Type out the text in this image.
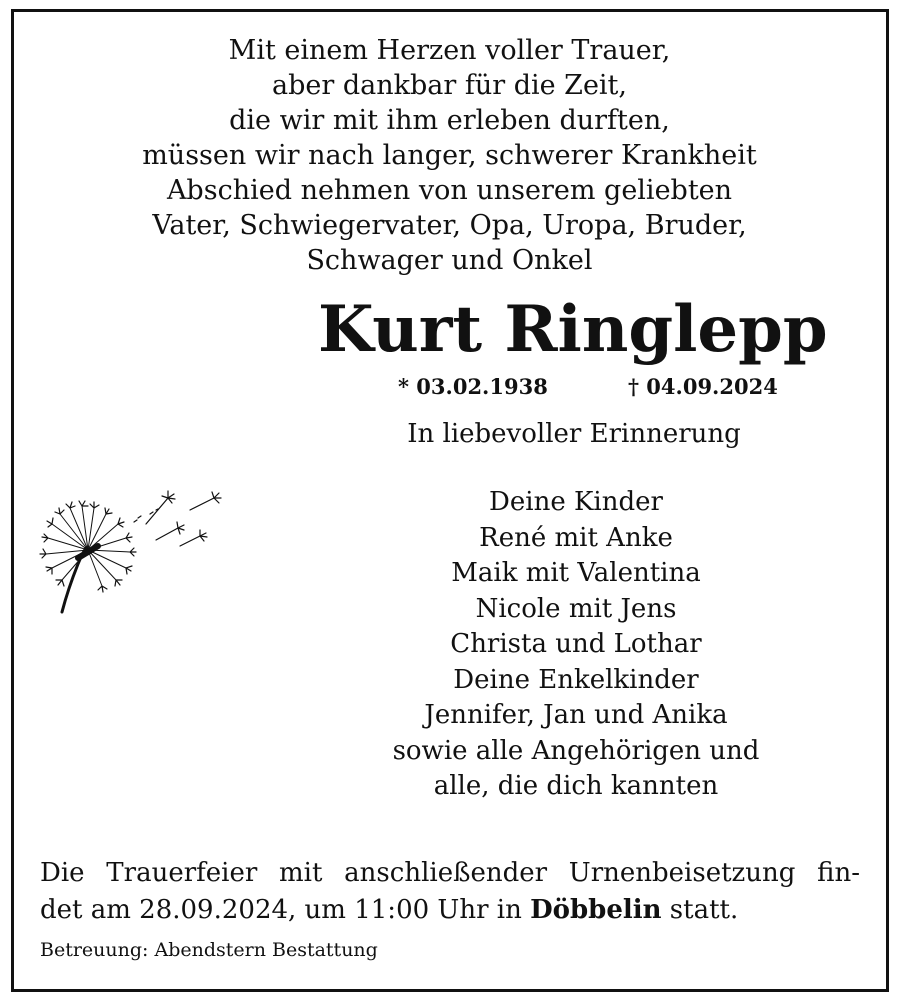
Mit einem Herzen voller Trauer,
aber dankbar für die Zeit,
die wir mit ihm erleben durften,
müssen wir nach langer, schwerer Krankheit
Abschied nehmen von unserem geliebten
Vater, Schwiegervater, Opa, Uropa, Bruder,
Schwager und Onkel
Kurt Ringlepp
* 03.02.1938	† 04.09.2024
In liebevoller Erinnerung
Deine Kinder
René mit Anke
Maik mit Valentina
Nicole mit Jens
Christa und Lothar
Deine Enkelkinder
Jennifer, Jan und Anika
sowie alle Angehörigen und
alle, die dich kannten
Die Trauerfeier mit anschließender Urnenbeisetzung fin-
det am 28.09.2024, um 11:00 Uhr in Döbbelin statt.
Betreuung: Abendstern Bestattung
